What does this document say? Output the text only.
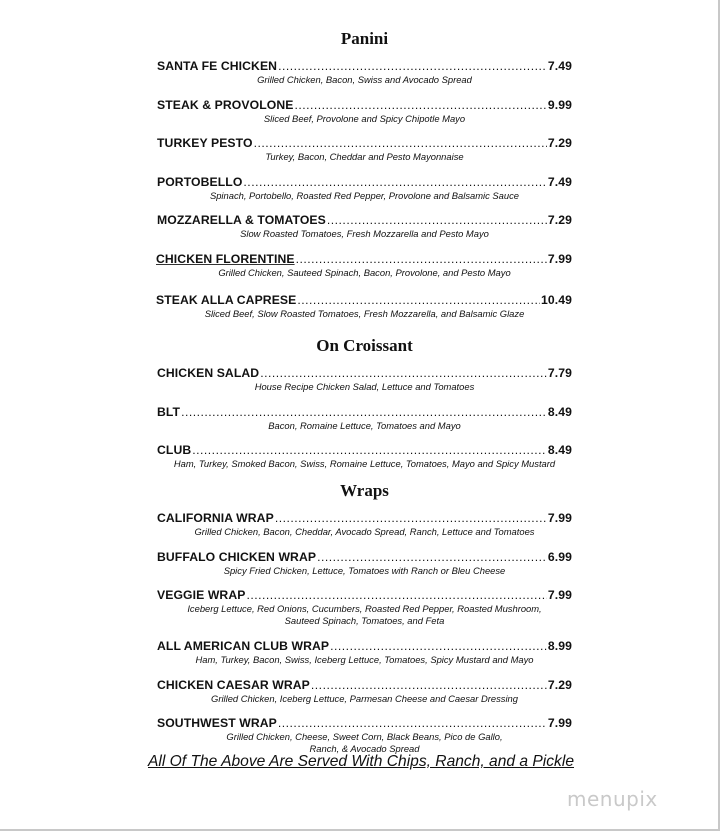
Panini
SANTA FE CHICKEN .....	7.49
Grilled Chicken, Bacon, Swiss and Avocado Spread
STEAK & PROVOLONE .....	9.99
Sliced Beef, Provolone and Spicy Chipotle Mayo
TURKEY PESTO .....	7.29
Turkey, Bacon, Cheddar and Pesto Mayonnaise
PORTOBELLO .....	7.49
Spinach, Portobello, Roasted Red Pepper, Provolone and Balsamic Sauce
MOZZARELLA & TOMATOES .....	7.29
Slow Roasted Tomatoes, Fresh Mozzarella and Pesto Mayo
CHICKEN FLORENTINE .....	7.99
Grilled Chicken, Sauteed Spinach, Bacon, Provolone, and Pesto Mayo
STEAK ALLA CAPRESE .....	10.49
Sliced Beef, Slow Roasted Tomatoes, Fresh Mozzarella, and Balsamic Glaze
On Croissant
CHICKEN SALAD .....	7.79
House Recipe Chicken Salad, Lettuce and Tomatoes
BLT .....	8.49
Bacon, Romaine Lettuce, Tomatoes and Mayo
CLUB .....	8.49
Ham, Turkey, Smoked Bacon, Swiss, Romaine Lettuce, Tomatoes, Mayo and Spicy Mustard
Wraps
CALIFORNIA WRAP .....	7.99
Grilled Chicken, Bacon, Cheddar, Avocado Spread, Ranch, Lettuce and Tomatoes
BUFFALO CHICKEN WRAP .....	6.99
Spicy Fried Chicken, Lettuce, Tomatoes with Ranch or Bleu Cheese
VEGGIE WRAP .....	7.99
Iceberg Lettuce, Red Onions, Cucumbers, Roasted Red Pepper, Roasted Mushroom,
Sauteed Spinach, Tomatoes, and Feta
ALL AMERICAN CLUB WRAP .....	8.99
Ham, Turkey, Bacon, Swiss, Iceberg Lettuce, Tomatoes, Spicy Mustard and Mayo
CHICKEN CAESAR WRAP .....	7.29
Grilled Chicken, Iceberg Lettuce, Parmesan Cheese and Caesar Dressing
SOUTHWEST WRAP .....	7.99
Grilled Chicken, Cheese, Sweet Corn, Black Beans, Pico de Gallo,
Ranch, & Avocado Spread
All Of The Above Are Served With Chips, Ranch, and a Pickle
menupix
